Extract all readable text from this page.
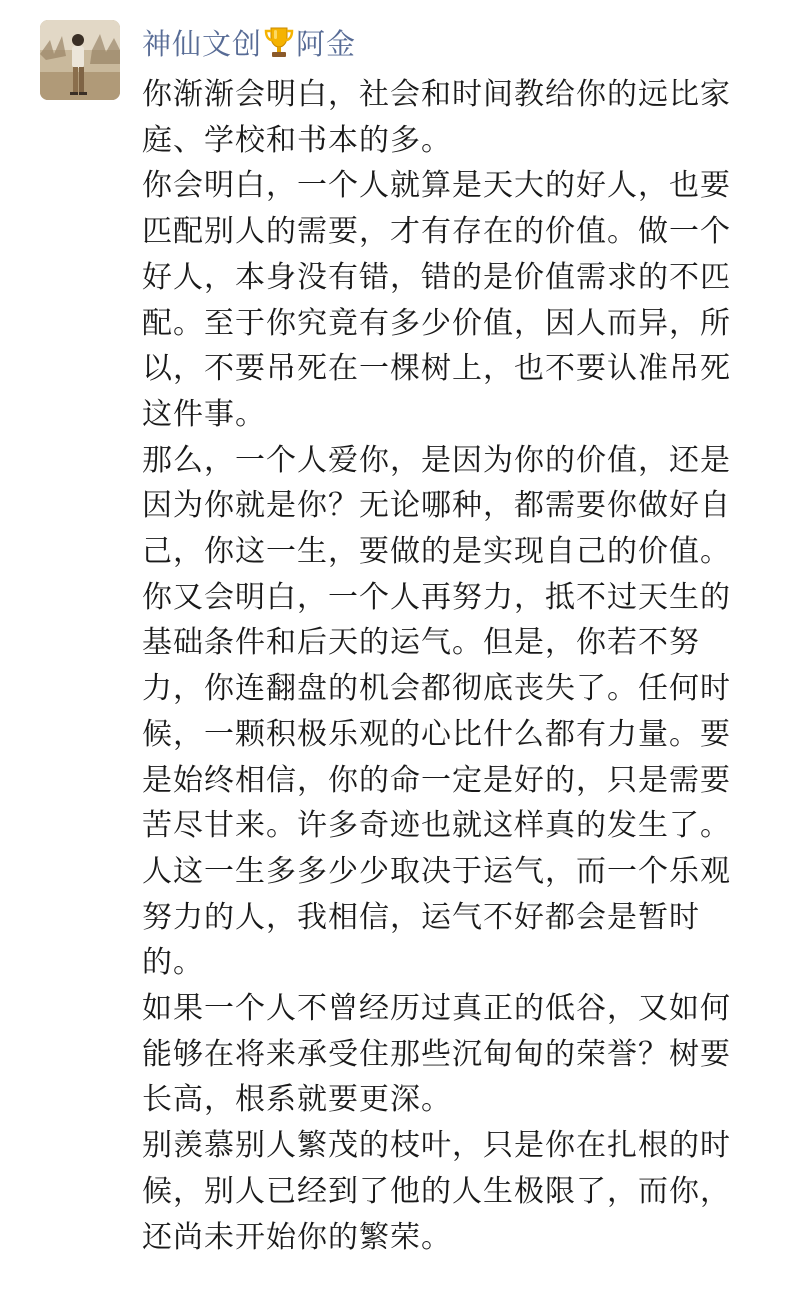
神仙文创 阿金

你渐渐会明白，社会和时间教给你的远比家庭、学校和书本的多。

你会明白，一个人就算是天大的好人，也要匹配别人的需要，才有存在的价值。做一个好人，本身没有错，错的是价值需求的不匹配。至于你究竟有多少价值，因人而异，所以，不要吊死在一棵树上，也不要认准吊死这件事。

那么，一个人爱你，是因为你的价值，还是因为你就是你？无论哪种，都需要你做好自己，你这一生，要做的是实现自己的价值。

你又会明白，一个人再努力，抵不过天生的基础条件和后天的运气。但是，你若不努力，你连翻盘的机会都彻底丧失了。任何时候，一颗积极乐观的心比什么都有力量。要是始终相信，你的命一定是好的，只是需要苦尽甘来。许多奇迹也就这样真的发生了。

人这一生多多少少取决于运气，而一个乐观努力的人，我相信，运气不好都会是暂时的。

如果一个人不曾经历过真正的低谷，又如何能够在将来承受住那些沉甸甸的荣誉？树要长高，根系就要更深。

别羡慕别人繁茂的枝叶，只是你在扎根的时候，别人已经到了他的人生极限了，而你，还尚未开始你的繁荣。
